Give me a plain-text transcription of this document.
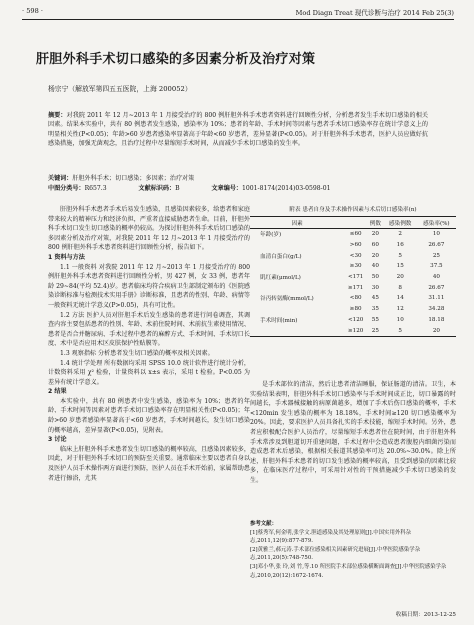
· 598 ·	Mod Diagn Treat 现代诊断与治疗 2014 Feb 25(3)
肝胆外科手术切口感染的多因素分析及治疗对策
杨宗宁（解放军第四五五医院，上海 200052）
摘要：对我院 2011 年 12 月~2013 年 1 月接受治疗的 800 例肝胆外科手术患者资料进行回顾性分析，分析患者发生手术切口感染的相关因素。结果本实验中，共有 80 例患者发生感染，感染率为 10%；患者的年龄、手术时间等因素与患者手术切口感染率存在统计学意义上的明显相关性(P<0.05)；年龄>60 岁患者感染率显著高于年龄<60 岁患者，差异显著(P<0.05)。对于肝胆外科手术患者，医护人员应做好抗感染措施，加强无菌观念，且治疗过程中尽量缩短手术时间，从而减少手术切口感染的发生率。
关键词：肝胆外科手术；切口感染；多因素；治疗对策
中图分类号：R657.3	文献标识码：B	文章编号：1001-8174(2014)03-0598-01

肝胆外科手术患者手术后易发生感染，且感染因素较多，给患者和家庭带来较大的精神压力和经济负担，严重者直接威胁患者生命。目前，肝胆外科手术切口发生切口感染的概率仍较高。为探讨肝胆外科手术后切口感染的多因素分析及治疗对策，对我院 2011 年 12 月~2013 年 1 月接受治疗的 800 例肝胆外科手术患者资料进行回顾性分析，报告如下。

1 资料与方法

1.1 一般资料 对我院 2011 年 12 月~2013 年 1 月接受治疗的 800 例肝胆外科手术患者资料进行回顾性分析，男 427 例，女 33 例，患者年龄 29~84(平均 52.4)岁。患者临床均符合疾病卫生部制定颁布的《医院感染诊断标准与检测技术实用手册》诊断标准，且患者的性别、年龄、病情等一般资料无统计学意义(P>0.05)，具有可比性。

1.2 方法 医护人员对肝胆手术后发生感染的患者进行问卷调查，其调查内容主要包括患者的性别、年龄、术前住院时间、术前抗生素使用情况、患者是否合并糖尿病、手术过程中患者的麻醉方式、手术时间、手术切口长度、术中是否应用术区皮肤保护性贴膜等。

1.3 观察指标 分析患者发生切口感染的概率及相关因素。

1.4 统计学处理 所有数据均采用 SPSS 10.0 统计软件进行统计分析，计数资料采用 χ² 检验，计量资料以 x±s 表示，采用 t 检验。P<0.05 为差异有统计学意义。

2 结果

本实验中，共有 80 例患者中发生感染，感染率为 10%；患者的年龄、手术时间等因素对患者手术切口感染率存在明显相关性(P<0.05)；年龄>60 岁患者感染率显著高于<60 岁患者，手术时间越长，发生切口感染的概率越高，差异显著(P<0.05)，见附表。

3 讨论

临床上肝胆外科手术患者发生切口感染的概率较高，且感染因素较多，因此，对于肝胆外科手术切口的预防至关重要。通常临床主要以患者自身以及医护人员手术操作两方面进行预防，医护人员在手术开始前，家属帮助患者进行擦浴，尤其

附表 患者自身及手术操作因素与术后切口感染率(n)
因素		例数	感染例数	感染率(%)
年龄(岁)	≤60	20	2	10
	>60	60	16	26.67
血清白蛋白(g/L)	<30	20	5	25
	≥30	40	15	37.5
肌红素(μmol/L)	<171	50	20	40
	≥171	30	8	26.67
谷丙转氨酶(mmol/L)	<80	45	14	31.11
	≥80	35	12	34.28
手术时间(min)	<120	55	10	18.18
	≥120	25	5	20

是手术部位的清洁，然后让患者清洁睡服，保证肠道的清洁。卫生，本实验结果表明，肝胆外科手术切口感染率与手术时间成正比，切口暴露的时间越长，手术器械接触的病原菌越多，增加了手术后伤口感染的概率，手术<120min 发生感染的概率为 18.18%，手术时间≥120 切口感染概率为 20%。因此，要求医护人员具备扎实的手术技能，缩短手术时间。另外，患者应积极配合医护人员治疗，尽量缩短手术患者住在院时间，由于肝胆外科手术常涉及到胆道切开重建问题，手术过程中会造成患者腹腔内细菌污染而造成患者术后感染，根据相关报道其感染率可达 20.0%~30.0%。除上所述，肝胆外科手术患者的切口发生感染的概率较高，且受到感染的因素比较多，在临床医疗过程中，可采用针对性的干预措施减少手术切口感染的发生。

参考文献：

[1]蔡秀军,何金明,张学文.胆道感染及其处理原则[J].中国实用外科杂志,2011,12(9):877-879.

[2]黄雅兰,郝元涛.手术部位感染相关因素研究进展[J].中华医院感染学杂志,2011,20(5):748-750.

[3]邓小华,张 玲,刘 竹,等.10 所医院手术部位感染横断面调查[J].中华医院感染学杂志,2010,20(12):1672-1674.

收稿日期：2013-12-25
